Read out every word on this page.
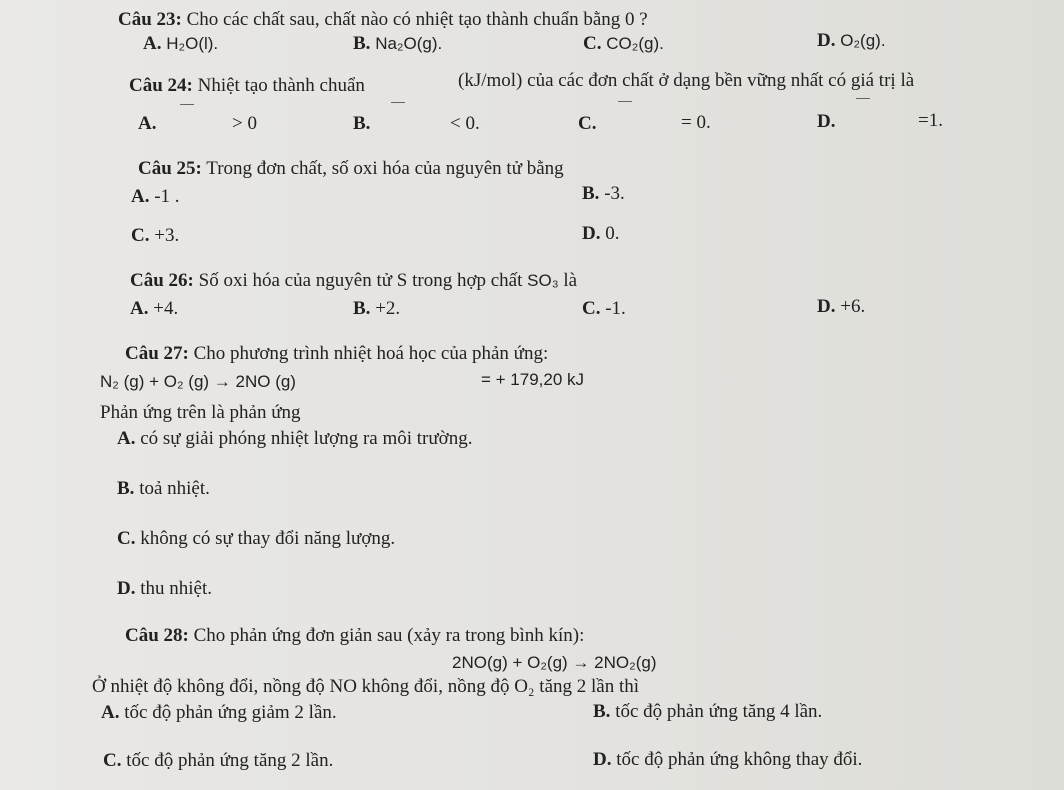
Câu 23: Cho các chất sau, chất nào có nhiệt tạo thành chuẩn bằng 0 ?
A. H₂O(l).	B. Na₂O(g).	C. CO₂(g).	D. O₂(g).
Câu 24: Nhiệt tạo thành chuẩn	(kJ/mol) của các đơn chất ở dạng bền vững nhất có giá trị là
A.	> 0	B.	< 0.	C.	= 0.	D.	=1.
Câu 25: Trong đơn chất, số oxi hóa của nguyên tử bằng
A. -1 .	B. -3.
C. +3.	D. 0.
Câu 26: Số oxi hóa của nguyên tử S trong hợp chất SO₃ là
A. +4.	B. +2.	C. -1.	D. +6.
Câu 27: Cho phương trình nhiệt hoá học của phản ứng:
N₂ (g) + O₂ (g) → 2NO (g)	= + 179,20 kJ
Phản ứng trên là phản ứng
A. có sự giải phóng nhiệt lượng ra môi trường.
B. toả nhiệt.
C. không có sự thay đổi năng lượng.
D. thu nhiệt.
Câu 28: Cho phản ứng đơn giản sau (xảy ra trong bình kín):
2NO(g) + O₂(g) → 2NO₂(g)
Ở nhiệt độ không đổi, nồng độ NO không đổi, nồng độ O₂ tăng 2 lần thì
A. tốc độ phản ứng giảm 2 lần.	B. tốc độ phản ứng tăng 4 lần.
C. tốc độ phản ứng tăng 2 lần.	D. tốc độ phản ứng không thay đổi.
